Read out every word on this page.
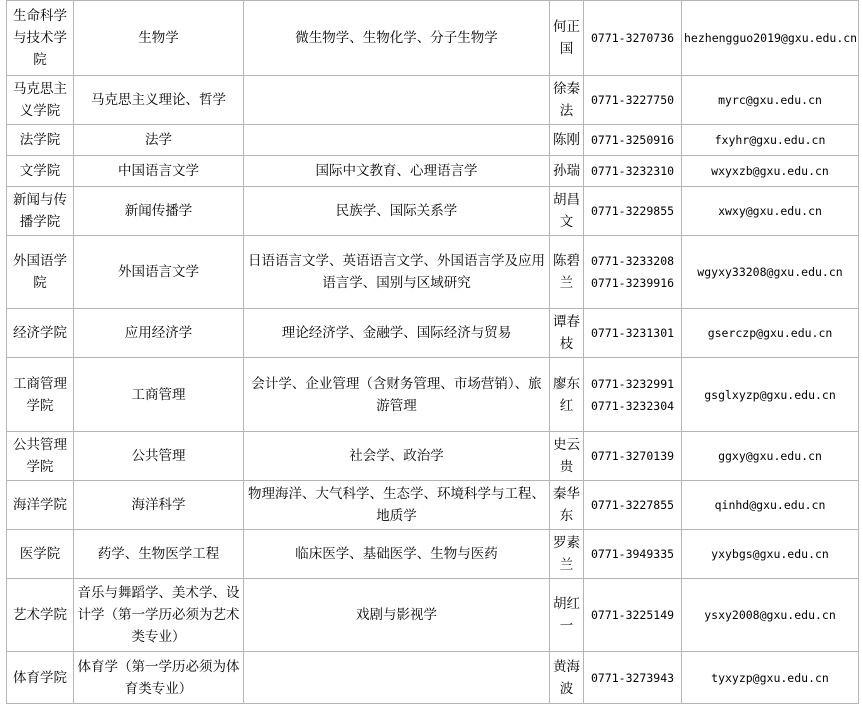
生命科学与技术学院	生物学	微生物学、生物化学、分子生物学	何正国	0771-3270736	hezhengguo2019@gxu.edu.cn
马克思主义学院	马克思主义理论、哲学		徐秦法	0771-3227750	myrc@gxu.edu.cn
法学院	法学		陈刚	0771-3250916	fxyhr@gxu.edu.cn
文学院	中国语言文学	国际中文教育、心理语言学	孙瑞	0771-3232310	wxyxzb@gxu.edu.cn
新闻与传播学院	新闻传播学	民族学、国际关系学	胡昌文	0771-3229855	xwxy@gxu.edu.cn
外国语学院	外国语言文学	日语语言文学、英语语言文学、外国语言学及应用语言学、国别与区域研究	陈碧兰	0771-3233208 0771-3239916	wgyxy33208@gxu.edu.cn
经济学院	应用经济学	理论经济学、金融学、国际经济与贸易	谭春枝	0771-3231301	gserczp@gxu.edu.cn
工商管理学院	工商管理	会计学、企业管理（含财务管理、市场营销）、旅游管理	廖东红	0771-3232991 0771-3232304	gsglxyzp@gxu.edu.cn
公共管理学院	公共管理	社会学、政治学	史云贵	0771-3270139	ggxy@gxu.edu.cn
海洋学院	海洋科学	物理海洋、大气科学、生态学、环境科学与工程、地质学	秦华东	0771-3227855	qinhd@gxu.edu.cn
医学院	药学、生物医学工程	临床医学、基础医学、生物与医药	罗素兰	0771-3949335	yxybgs@gxu.edu.cn
艺术学院	音乐与舞蹈学、美术学、设计学（第一学历必须为艺术类专业）	戏剧与影视学	胡红一	0771-3225149	ysxy2008@gxu.edu.cn
体育学院	体育学（第一学历必须为体育类专业）		黄海波	0771-3273943	tyxyzp@gxu.edu.cn
